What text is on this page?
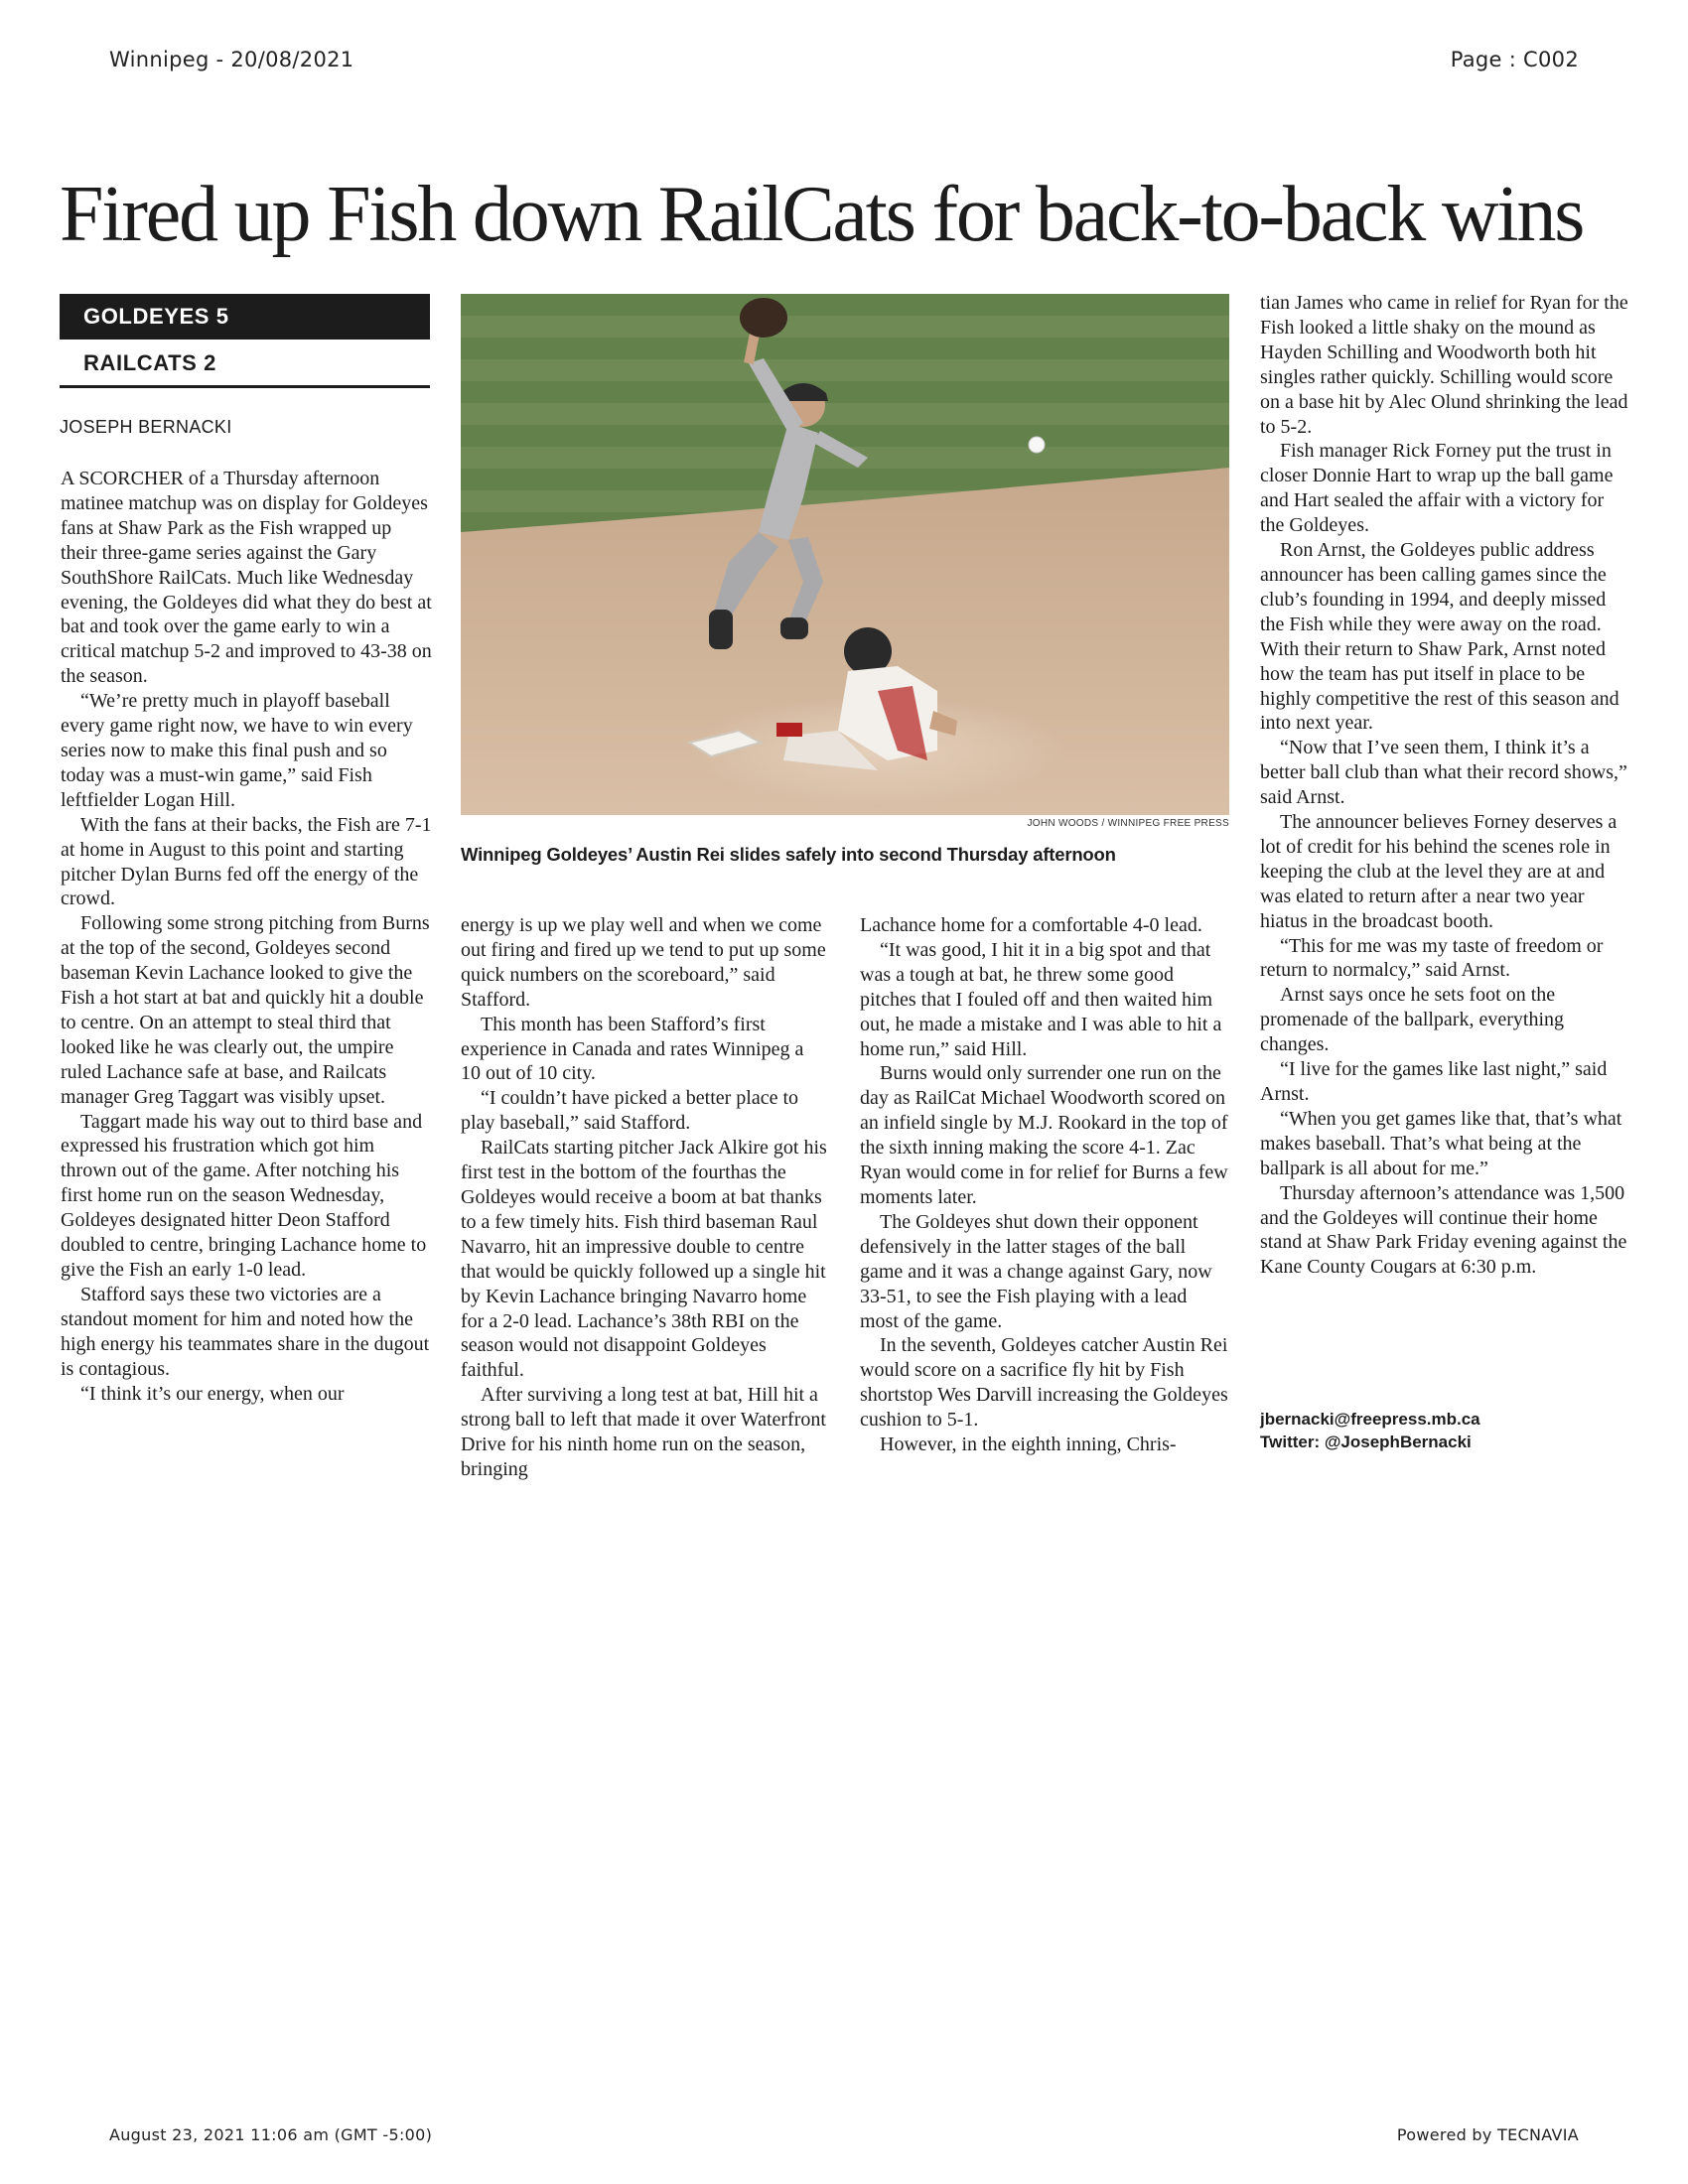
Winnipeg - 20/08/2021	Page : C002
Fired up Fish down RailCats for back-to-back wins
GOLDEYES 5
RAILCATS 2
JOSEPH BERNACKI

A SCORCHER of a Thursday afternoon matinee matchup was on display for Goldeyes fans at Shaw Park as the Fish wrapped up their three-game series against the Gary SouthShore RailCats. Much like Wednesday evening, the Goldeyes did what they do best at bat and took over the game early to win a critical matchup 5-2 and improved to 43-38 on the season.

“We’re pretty much in playoff baseball every game right now, we have to win every series now to make this final push and so today was a must-win game,” said Fish leftfielder Logan Hill.

With the fans at their backs, the Fish are 7-1 at home in August to this point and starting pitcher Dylan Burns fed off the energy of the crowd.

Following some strong pitching from Burns at the top of the second, Goldeyes second baseman Kevin Lachance looked to give the Fish a hot start at bat and quickly hit a double to centre. On an attempt to steal third that looked like he was clearly out, the umpire ruled Lachance safe at base, and Railcats manager Greg Taggart was visibly upset.

Taggart made his way out to third base and expressed his frustration which got him thrown out of the game. After notching his first home run on the season Wednesday, Goldeyes designated hitter Deon Stafford doubled to centre, bringing Lachance home to give the Fish an early 1-0 lead.

Stafford says these two victories are a standout moment for him and noted how the high energy his teammates share in the dugout is contagious.

“I think it’s our energy, when our

JOHN WOODS / WINNIPEG FREE PRESS
Winnipeg Goldeyes’ Austin Rei slides safely into second Thursday afternoon

energy is up we play well and when we come out firing and fired up we tend to put up some quick numbers on the scoreboard,” said Stafford.

This month has been Stafford’s first experience in Canada and rates Winnipeg a 10 out of 10 city.

“I couldn’t have picked a better place to play baseball,” said Stafford.

RailCats starting pitcher Jack Alkire got his first test in the bottom of the fourthas the Goldeyes would receive a boom at bat thanks to a few timely hits. Fish third baseman Raul Navarro, hit an impressive double to centre that would be quickly followed up a single hit by Kevin Lachance bringing Navarro home for a 2-0 lead. Lachance’s 38th RBI on the season would not disappoint Goldeyes faithful.

After surviving a long test at bat, Hill hit a strong ball to left that made it over Waterfront Drive for his ninth home run on the season, bringing

Lachance home for a comfortable 4-0 lead.

“It was good, I hit it in a big spot and that was a tough at bat, he threw some good pitches that I fouled off and then waited him out, he made a mistake and I was able to hit a home run,” said Hill.

Burns would only surrender one run on the day as RailCat Michael Woodworth scored on an infield single by M.J. Rookard in the top of the sixth inning making the score 4-1. Zac Ryan would come in for relief for Burns a few moments later.

The Goldeyes shut down their opponent defensively in the latter stages of the ball game and it was a change against Gary, now 33-51, to see the Fish playing with a lead most of the game.

In the seventh, Goldeyes catcher Austin Rei would score on a sacrifice fly hit by Fish shortstop Wes Darvill increasing the Goldeyes cushion to 5-1.

However, in the eighth inning, Chris-

tian James who came in relief for Ryan for the Fish looked a little shaky on the mound as Hayden Schilling and Woodworth both hit singles rather quickly. Schilling would score on a base hit by Alec Olund shrinking the lead to 5-2.

Fish manager Rick Forney put the trust in closer Donnie Hart to wrap up the ball game and Hart sealed the affair with a victory for the Goldeyes.

Ron Arnst, the Goldeyes public address announcer has been calling games since the club’s founding in 1994, and deeply missed the Fish while they were away on the road. With their return to Shaw Park, Arnst noted how the team has put itself in place to be highly competitive the rest of this season and into next year.

“Now that I’ve seen them, I think it’s a better ball club than what their record shows,” said Arnst.

The announcer believes Forney deserves a lot of credit for his behind the scenes role in keeping the club at the level they are at and was elated to return after a near two year hiatus in the broadcast booth.

“This for me was my taste of freedom or return to normalcy,” said Arnst.

Arnst says once he sets foot on the promenade of the ballpark, everything changes.

“I live for the games like last night,” said Arnst.

“When you get games like that, that’s what makes baseball. That’s what being at the ballpark is all about for me.”

Thursday afternoon’s attendance was 1,500 and the Goldeyes will continue their home stand at Shaw Park Friday evening against the Kane County Cougars at 6:30 p.m.

jbernacki@freepress.mb.ca
Twitter: @JosephBernacki
August 23, 2021 11:06 am (GMT -5:00)	Powered by TECNAVIA
